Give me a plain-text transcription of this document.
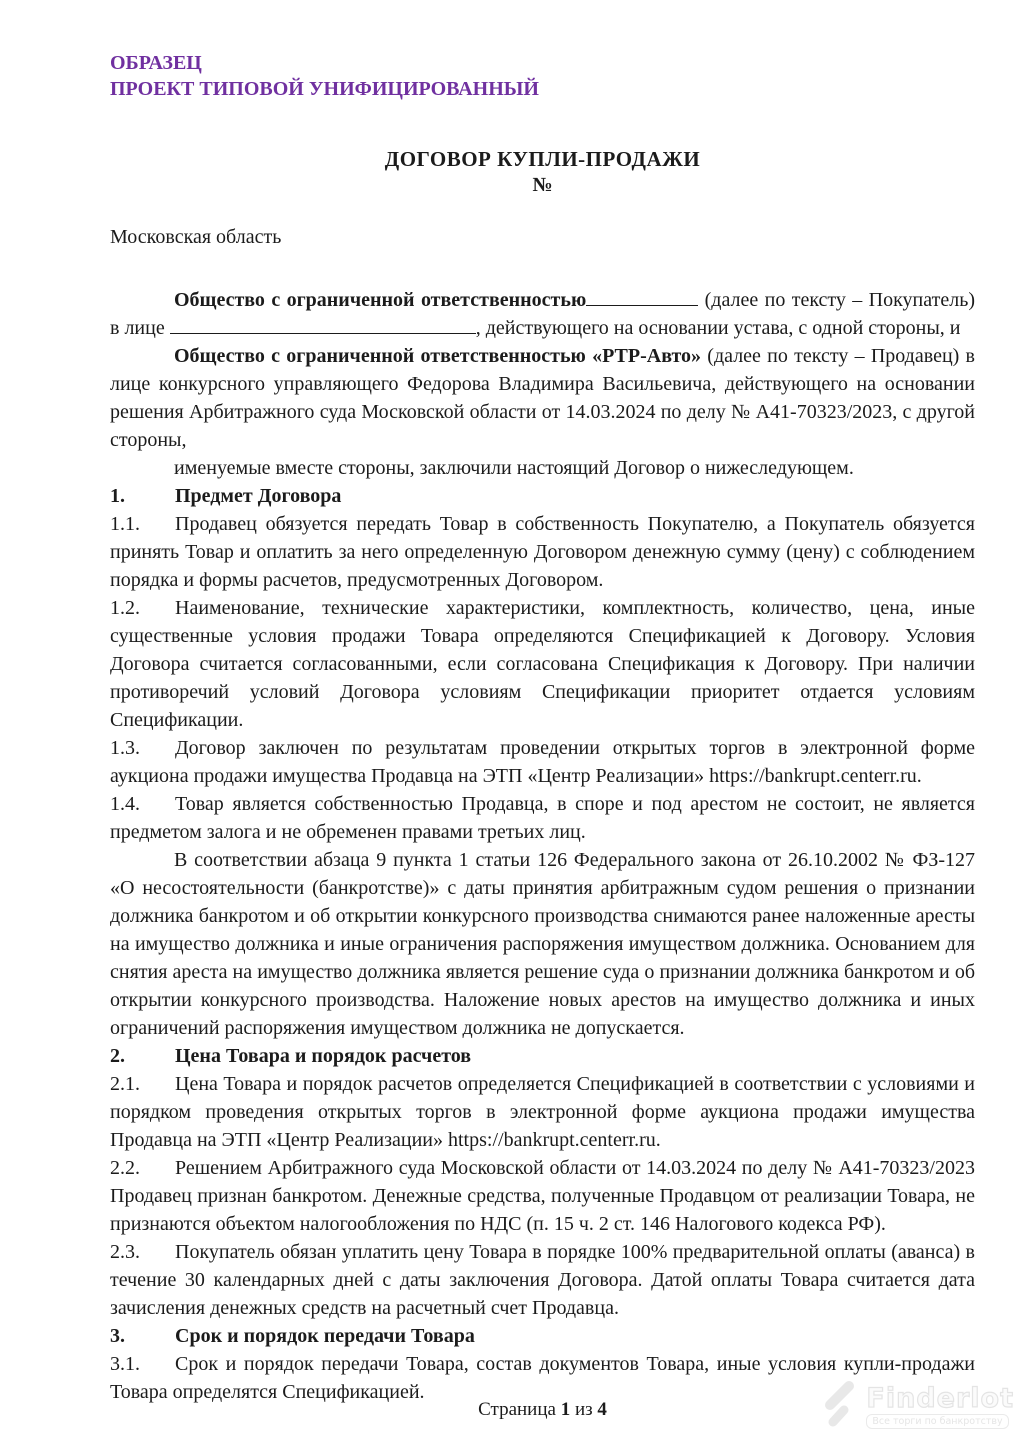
ОБРАЗЕЦ
ПРОЕКТ ТИПОВОЙ УНИФИЦИРОВАННЫЙ
ДОГОВОР КУПЛИ-ПРОДАЖИ
№
Московская область

Общество с ограниченной ответственностью	(далее по тексту – Покупатель) в лице	, действующего на основании устава, с одной стороны, и

Общество с ограниченной ответственностью «РТР-Авто» (далее по тексту – Продавец) в лице конкурсного управляющего Федорова Владимира Васильевича, действующего на основании решения Арбитражного суда Московской области от 14.03.2024 по делу № А41-70323/2023, с другой стороны,

именуемые вместе стороны, заключили настоящий Договор о нижеследующем.

1.	Предмет Договора

1.1. Продавец обязуется передать Товар в собственность Покупателю, а Покупатель обязуется принять Товар и оплатить за него определенную Договором денежную сумму (цену) с соблюдением порядка и формы расчетов, предусмотренных Договором.

1.2. Наименование, технические характеристики, комплектность, количество, цена, иные существенные условия продажи Товара определяются Спецификацией к Договору. Условия Договора считается согласованными, если согласована Спецификация к Договору. При наличии противоречий условий Договора условиям Спецификации приоритет отдается условиям Спецификации.

1.3. Договор заключен по результатам проведении открытых торгов в электронной форме аукциона продажи имущества Продавца на ЭТП «Центр Реализации» https://bankrupt.centerr.ru.

1.4. Товар является собственностью Продавца, в споре и под арестом не состоит, не является предметом залога и не обременен правами третьих лиц.

В соответствии абзаца 9 пункта 1 статьи 126 Федерального закона от 26.10.2002 № ФЗ-127 «О несостоятельности (банкротстве)» с даты принятия арбитражным судом решения о признании должника банкротом и об открытии конкурсного производства снимаются ранее наложенные аресты на имущество должника и иные ограничения распоряжения имуществом должника. Основанием для снятия ареста на имущество должника является решение суда о признании должника банкротом и об открытии конкурсного производства. Наложение новых арестов на имущество должника и иных ограничений распоряжения имуществом должника не допускается.

2.	Цена Товара и порядок расчетов

2.1. Цена Товара и порядок расчетов определяется Спецификацией в соответствии с условиями и порядком проведения открытых торгов в электронной форме аукциона продажи имущества Продавца на ЭТП «Центр Реализации» https://bankrupt.centerr.ru.

2.2. Решением Арбитражного суда Московской области от 14.03.2024 по делу № А41-70323/2023 Продавец признан банкротом. Денежные средства, полученные Продавцом от реализации Товара, не признаются объектом налогообложения по НДС (п. 15 ч. 2 ст. 146 Налогового кодекса РФ).

2.3. Покупатель обязан уплатить цену Товара в порядке 100% предварительной оплаты (аванса) в течение 30 календарных дней с даты заключения Договора. Датой оплаты Товара считается дата зачисления денежных средств на расчетный счет Продавца.

3.	Срок и порядок передачи Товара

3.1. Срок и порядок передачи Товара, состав документов Товара, иные условия купли-продажи Товара определятся Спецификацией.

Страница 1 из 4	Finderlot
Все торги по банкротству
